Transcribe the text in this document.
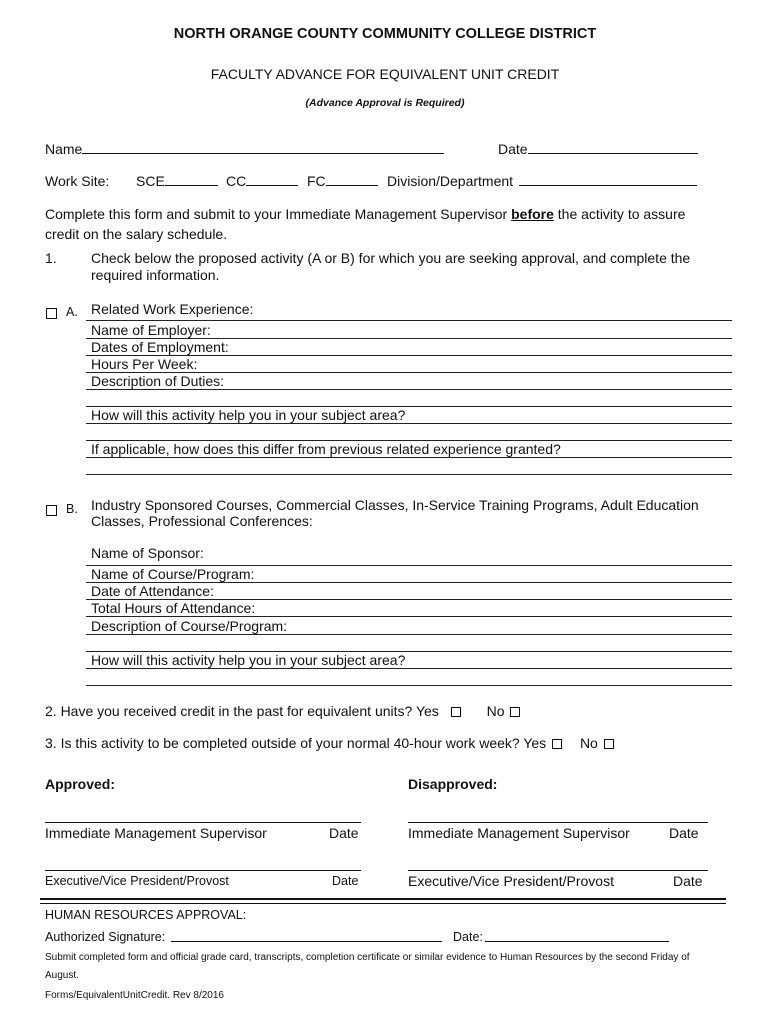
NORTH ORANGE COUNTY COMMUNITY COLLEGE DISTRICT
FACULTY ADVANCE FOR EQUIVALENT UNIT CREDIT
(Advance Approval is Required)
Name	Date
Work Site: SCE	CC	FC	Division/Department
Complete this form and submit to your Immediate Management Supervisor before the activity to assure
credit on the salary schedule.
1. Check below the proposed activity (A or B) for which you are seeking approval, and complete the
required information.
A. Related Work Experience:
Name of Employer:
Dates of Employment:
Hours Per Week:
Description of Duties:
How will this activity help you in your subject area?
If applicable, how does this differ from previous related experience granted?
B. Industry Sponsored Courses, Commercial Classes, In-Service Training Programs, Adult Education
Classes, Professional Conferences:
Name of Sponsor:
Name of Course/Program:
Date of Attendance:
Total Hours of Attendance:
Description of Course/Program:
How will this activity help you in your subject area?
2. Have you received credit in the past for equivalent units? Yes	No
3. Is this activity to be completed outside of your normal 40-hour work week? Yes No
Approved:	Disapproved:
Immediate Management Supervisor	Date	Immediate Management Supervisor	Date
Executive/Vice President/Provost	Date	Executive/Vice President/Provost	Date
HUMAN RESOURCES APPROVAL:
Authorized Signature:	Date:
Submit completed form and official grade card, transcripts, completion certificate or similar evidence to Human Resources by the second Friday of
August.
Forms/EquivalentUnitCredit. Rev 8/2016
